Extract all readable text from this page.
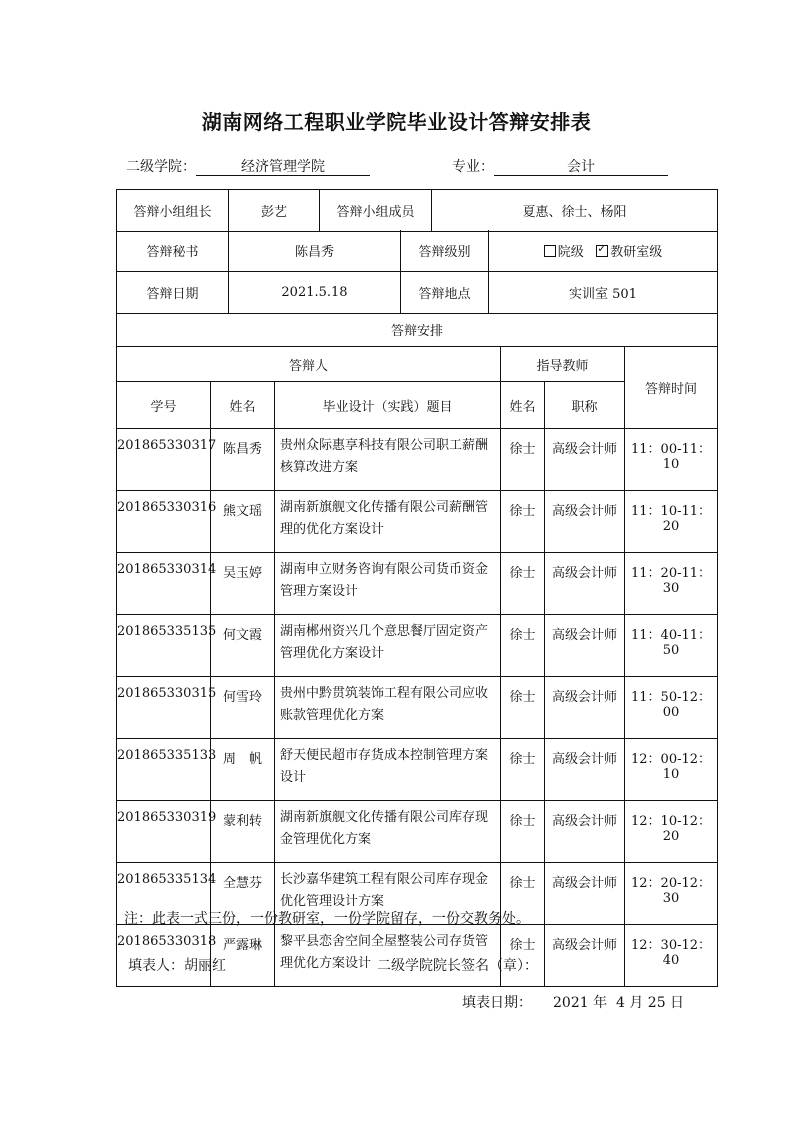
湖南网络工程职业学院毕业设计答辩安排表
二级学院：	经济管理学院	专业：	会计
答辩小组组长	彭艺	答辩小组成员	夏惠、徐士、杨阳
答辩秘书	陈昌秀	答辩级别	院级 ✓ 教研室级
答辩日期	2021.5.18	答辩地点	实训室 501
答辩安排					
答辩人			指导教师		答辩时间
学号	姓名	毕业设计（实践）题目	姓名	职称	
201865330317	陈昌秀	贵州众际惠享科技有限公司职工薪酬核算改进方案	徐士	高级会计师	11：00-11：10
201865330316	熊文瑶	湖南新旗舰文化传播有限公司薪酬管理的优化方案设计	徐士	高级会计师	11：10-11：20
201865330314	吴玉婷	湖南申立财务咨询有限公司货币资金管理方案设计	徐士	高级会计师	11：20-11：30
201865335135	何文霞	湖南郴州资兴几个意思餐厅固定资产管理优化方案设计	徐士	高级会计师	11：40-11：50
201865330315	何雪玲	贵州中黔贯筑装饰工程有限公司应收账款管理优化方案	徐士	高级会计师	11：50-12：00
201865335133	周　帆	舒天便民超市存货成本控制管理方案设计	徐士	高级会计师	12：00-12：10
201865330319	蒙利转	湖南新旗舰文化传播有限公司库存现金管理优化方案	徐士	高级会计师	12：10-12：20
201865335134	全慧芬	长沙嘉华建筑工程有限公司库存现金优化管理设计方案	徐士	高级会计师	12：20-12：30
201865330318	严露琳	黎平县恋舍空间全屋整装公司存货管理优化方案设计	徐士	高级会计师	12：30-12：40
注：此表一式三份，一份教研室，一份学院留存，一份交教务处。
填表人：胡丽红	二级学院院长签名（章）：
填表日期：　　2021 年  4 月 25 日
